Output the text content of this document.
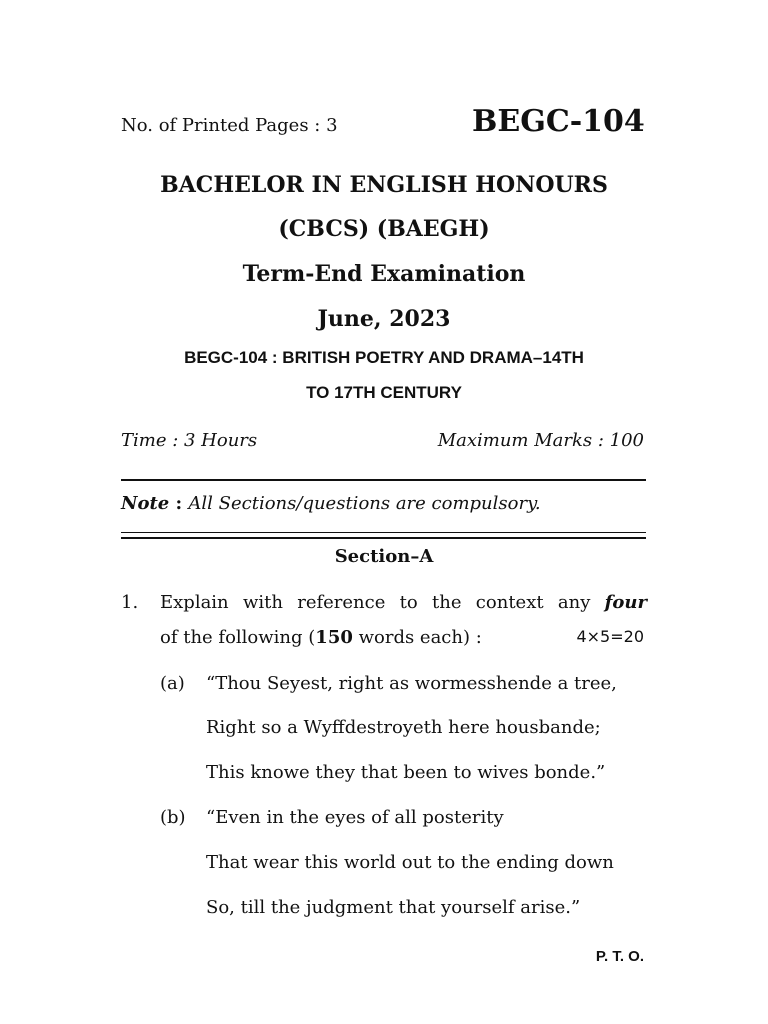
No. of Printed Pages : 3	BEGC-104
BACHELOR IN ENGLISH HONOURS
(CBCS) (BAEGH)
Term-End Examination
June, 2023
BEGC-104 : BRITISH POETRY AND DRAMA–14TH
TO 17TH CENTURY
Time : 3 Hours	Maximum Marks : 100
Note : All Sections/questions are compulsory.
Section–A
1. Explain with reference to the context any four
of the following (150 words each) :	4×5=20
(a) “Thou Seyest, right as wormesshende a tree,
Right so a Wyffdestroyeth here housbande;
This knowe they that been to wives bonde.”
(b) “Even in the eyes of all posterity
That wear this world out to the ending down
So, till the judgment that yourself arise.”
P. T. O.
